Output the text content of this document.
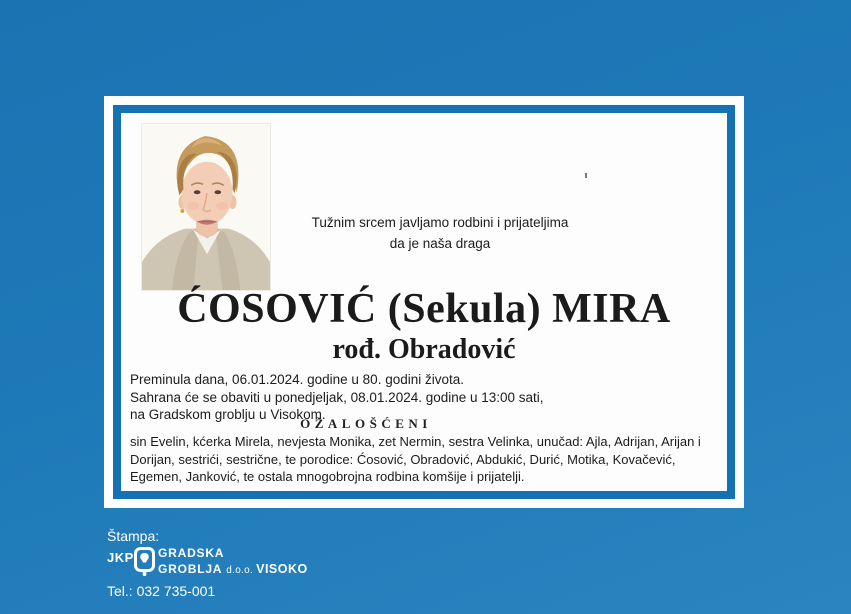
Tužnim srcem javljamo rodbini i prijateljima
da je naša draga
ĆOSOVIĆ (Sekula) MIRA
rođ. Obradović
Preminula dana, 06.01.2024. godine u 80. godini života.
Sahrana će se obaviti u ponedjeljak, 08.01.2024. godine u 13:00 sati,
na Gradskom groblju u Visokom.
OŽALOŠĆENI

sin Evelin, kćerka Mirela, nevjesta Monika, zet Nermin, sestra Velinka, unučad: Ajla, Adrijan, Arijan i Dorijan, sestrići, sestrične, te porodice: Ćosović, Obradović, Abdukić, Durić, Motika, Kovačević, Egemen, Janković, te ostala mnogobrojna rodbina komšije i prijatelji.

Štampa:
JKP GRADSKA
GROBLJA d.o.o. VISOKO
Tel.: 032 735-001
